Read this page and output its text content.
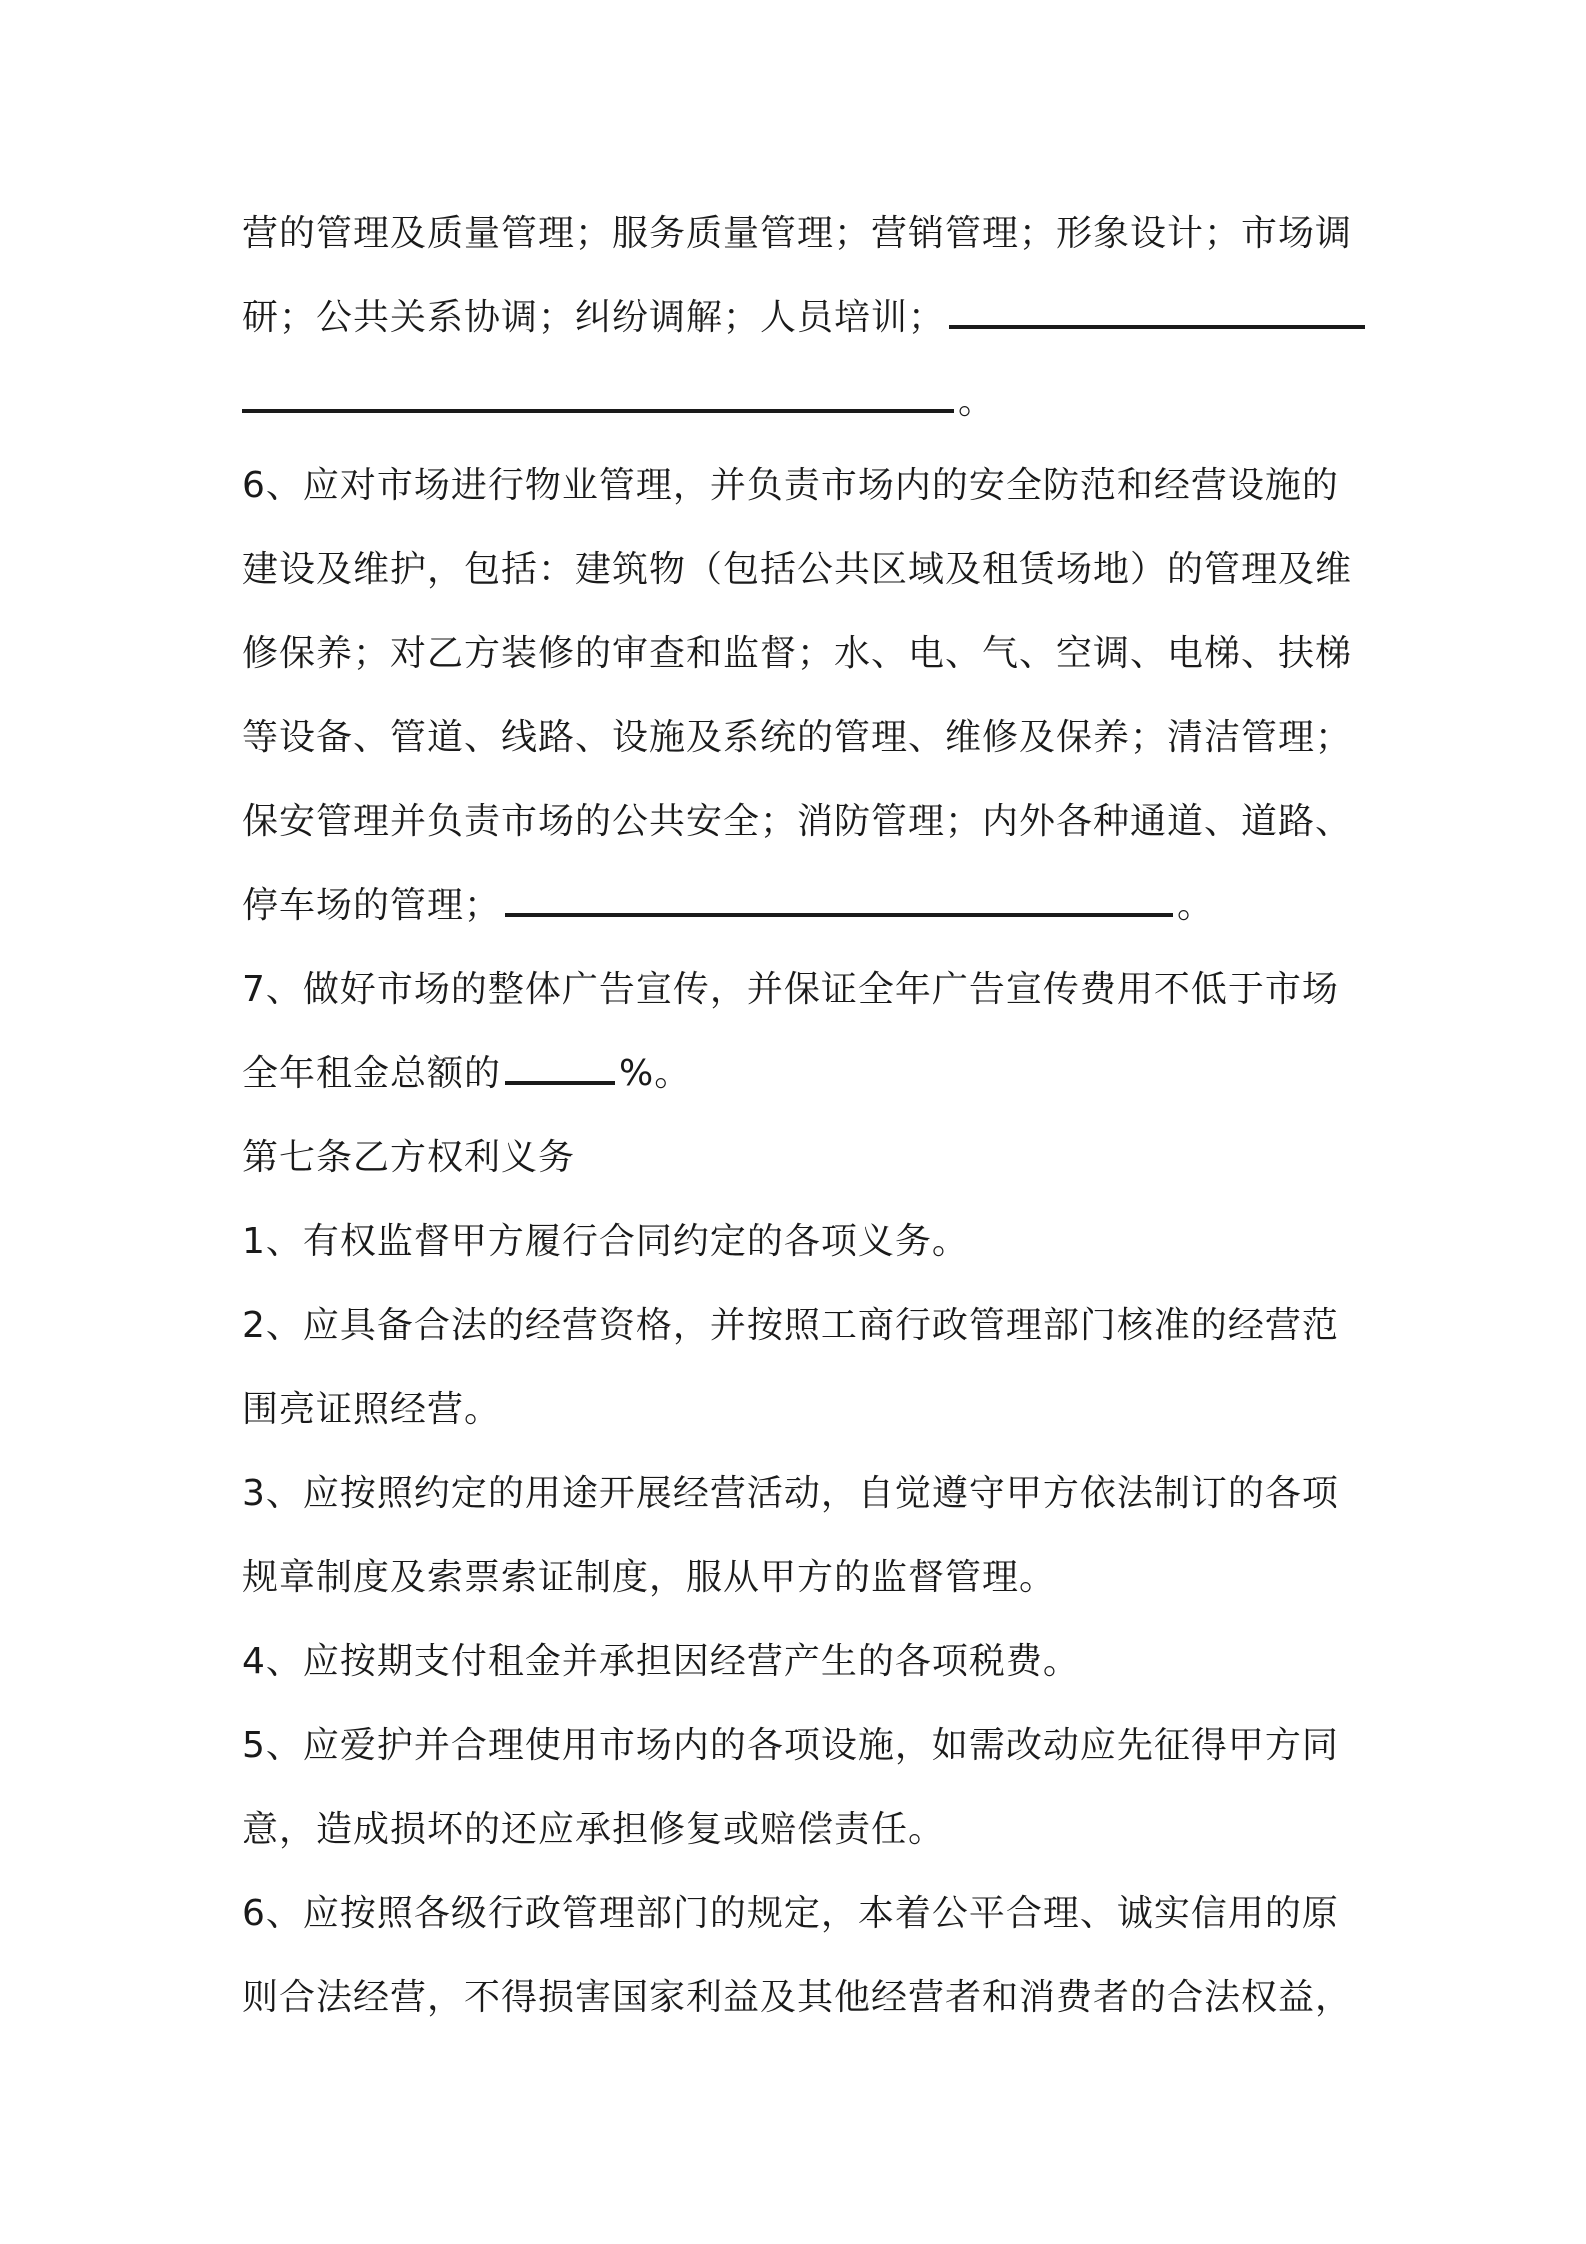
营的管理及质量管理；服务质量管理；营销管理；形象设计；市场调
研；公共关系协调；纠纷调解；人员培训；
。
6、应对市场进行物业管理，并负责市场内的安全防范和经营设施的
建设及维护，包括：建筑物（包括公共区域及租赁场地）的管理及维
修保养；对乙方装修的审查和监督；水、电、气、空调、电梯、扶梯
等设备、管道、线路、设施及系统的管理、维修及保养；清洁管理；
保安管理并负责市场的公共安全；消防管理；内外各种通道、道路、
停车场的管理；	。
7、做好市场的整体广告宣传，并保证全年广告宣传费用不低于市场
全年租金总额的	%。
第七条乙方权利义务
1、有权监督甲方履行合同约定的各项义务。
2、应具备合法的经营资格，并按照工商行政管理部门核准的经营范
围亮证照经营。
3、应按照约定的用途开展经营活动，自觉遵守甲方依法制订的各项
规章制度及索票索证制度，服从甲方的监督管理。
4、应按期支付租金并承担因经营产生的各项税费。
5、应爱护并合理使用市场内的各项设施，如需改动应先征得甲方同
意，造成损坏的还应承担修复或赔偿责任。
6、应按照各级行政管理部门的规定，本着公平合理、诚实信用的原
则合法经营，不得损害国家利益及其他经营者和消费者的合法权益，
